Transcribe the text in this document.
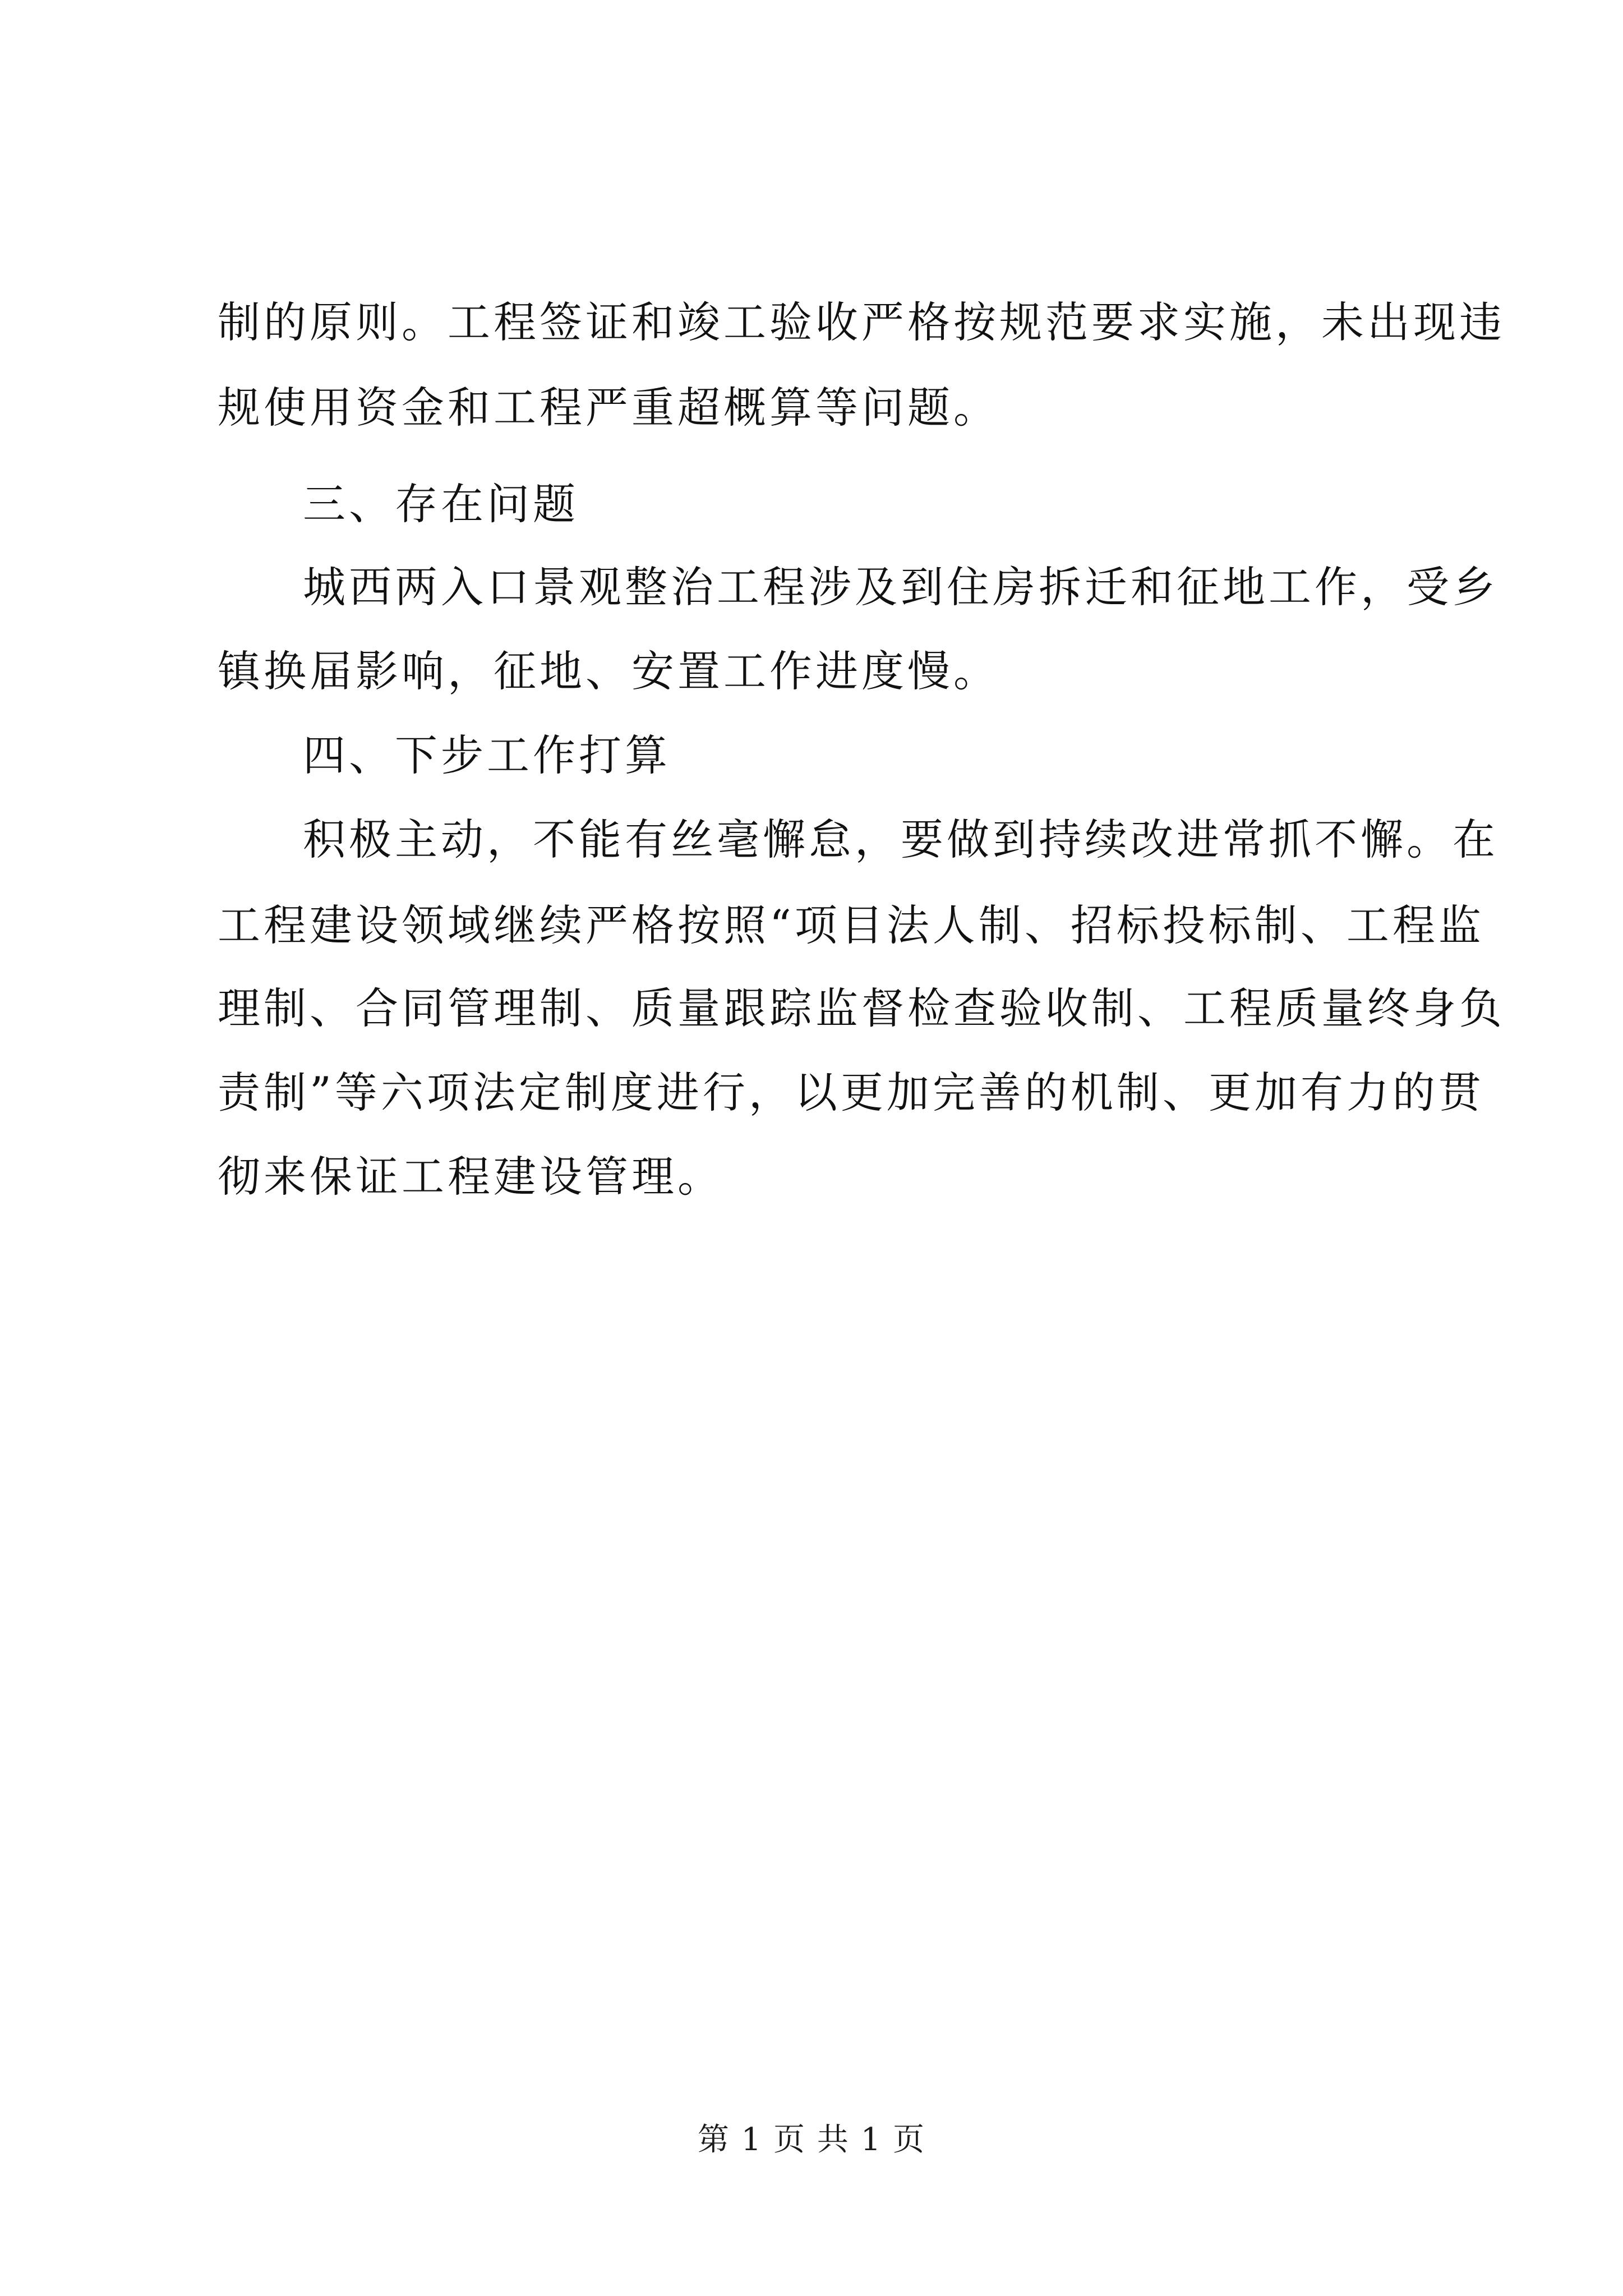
制的原则。工程签证和竣工验收严格按规范要求实施，未出现违
规使用资金和工程严重超概算等问题。
三、存在问题
城西两入口景观整治工程涉及到住房拆迁和征地工作，受乡
镇换届影响，征地、安置工作进度慢。
四、下步工作打算
积极主动，不能有丝毫懈怠，要做到持续改进常抓不懈。在
工程建设领域继续严格按照“项目法人制、招标投标制、工程监
理制、合同管理制、质量跟踪监督检查验收制、工程质量终身负
责制”等六项法定制度进行，以更加完善的机制、更加有力的贯
彻来保证工程建设管理。
第 1 页 共 1 页
